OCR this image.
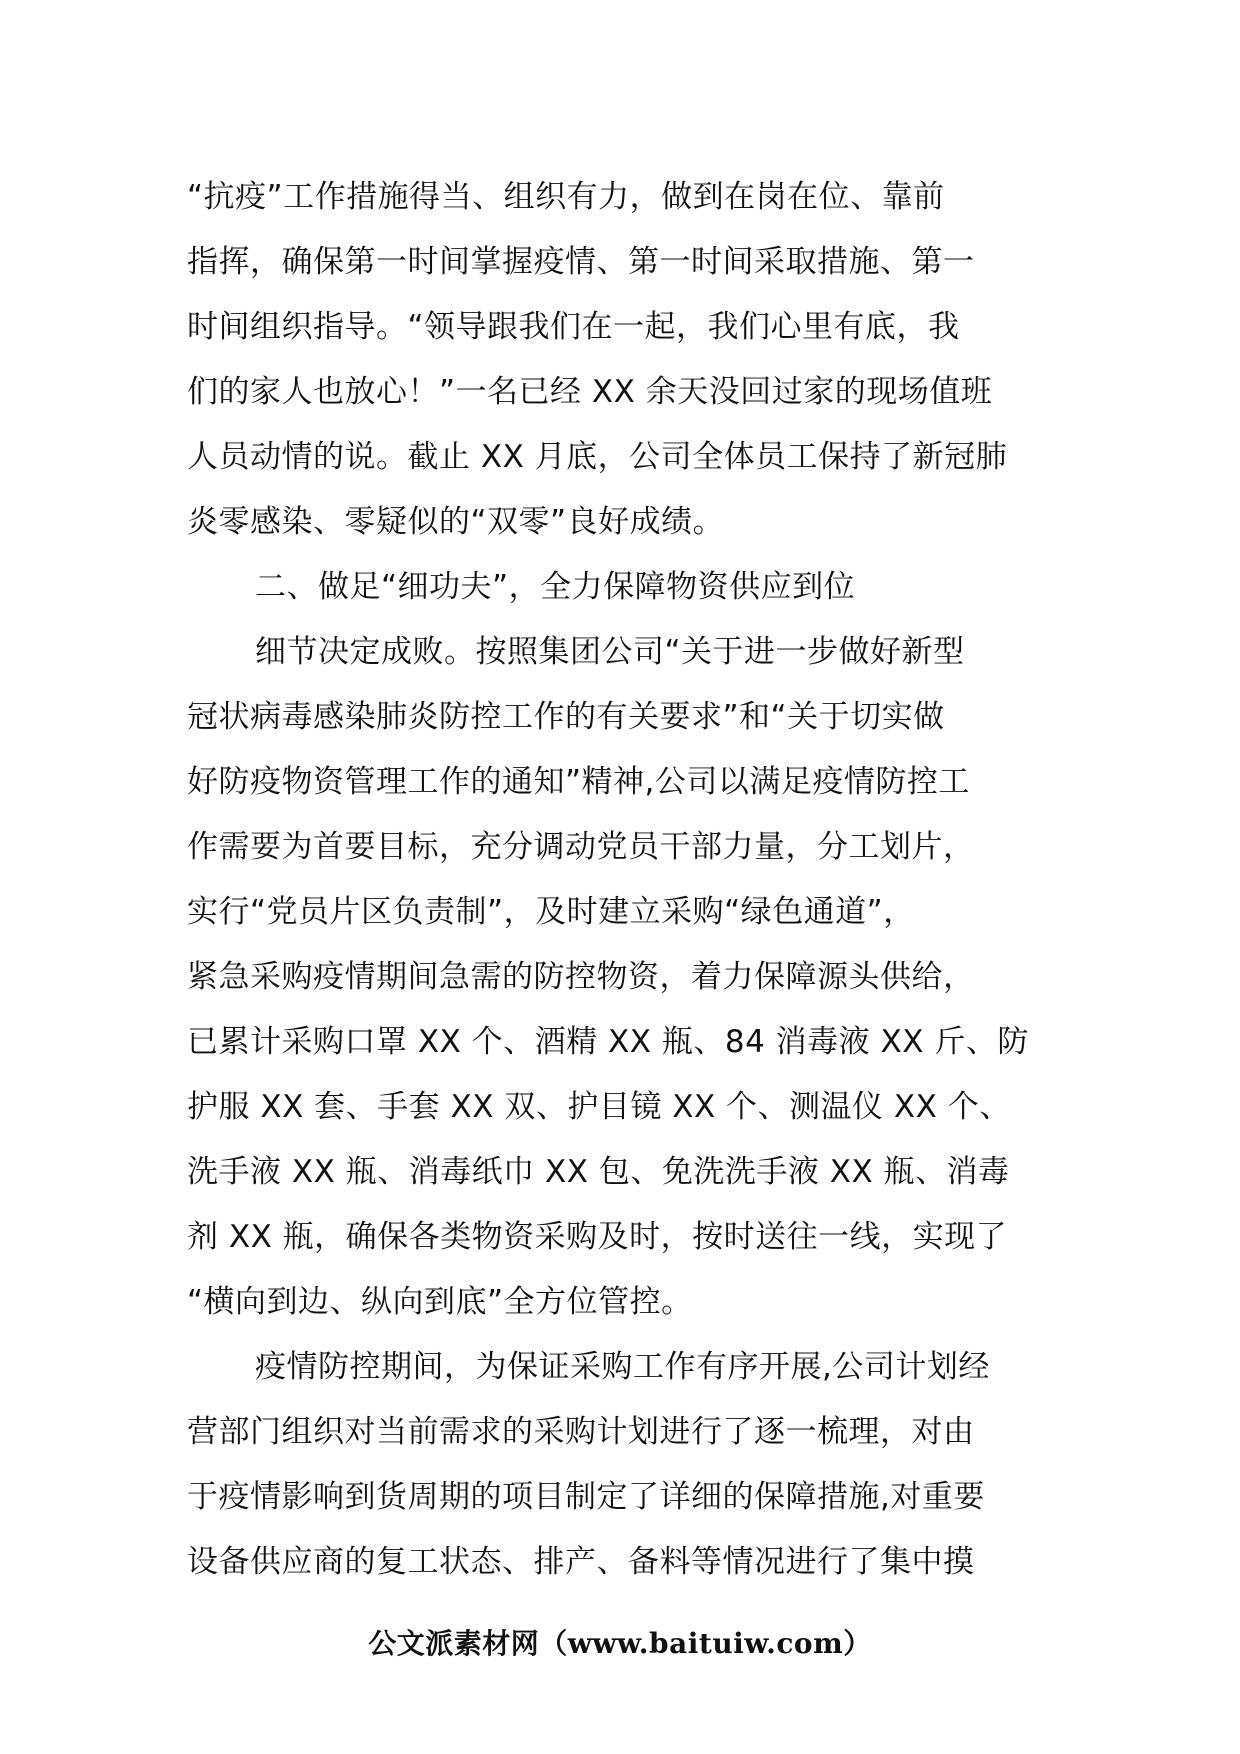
“抗疫”工作措施得当、组织有力，做到在岗在位、靠前
指挥，确保第一时间掌握疫情、第一时间采取措施、第一
时间组织指导。“领导跟我们在一起，我们心里有底，我
们的家人也放心！”一名已经 XX 余天没回过家的现场值班
人员动情的说。截止 XX 月底，公司全体员工保持了新冠肺
炎零感染、零疑似的“双零”良好成绩。
二、做足“细功夫”，全力保障物资供应到位
细节决定成败。按照集团公司“关于进一步做好新型
冠状病毒感染肺炎防控工作的有关要求”和“关于切实做
好防疫物资管理工作的通知”精神,公司以满足疫情防控工
作需要为首要目标，充分调动党员干部力量，分工划片，
实行“党员片区负责制”，及时建立采购“绿色通道”，
紧急采购疫情期间急需的防控物资，着力保障源头供给，
已累计采购口罩 XX 个、酒精 XX 瓶、84 消毒液 XX 斤、防
护服 XX 套、手套 XX 双、护目镜 XX 个、测温仪 XX 个、
洗手液 XX 瓶、消毒纸巾 XX 包、免洗洗手液 XX 瓶、消毒
剂 XX 瓶，确保各类物资采购及时，按时送往一线，实现了
“横向到边、纵向到底”全方位管控。
疫情防控期间，为保证采购工作有序开展,公司计划经
营部门组织对当前需求的采购计划进行了逐一梳理，对由
于疫情影响到货周期的项目制定了详细的保障措施,对重要
设备供应商的复工状态、排产、备料等情况进行了集中摸
公文派素材网（www.baituiw.com）
